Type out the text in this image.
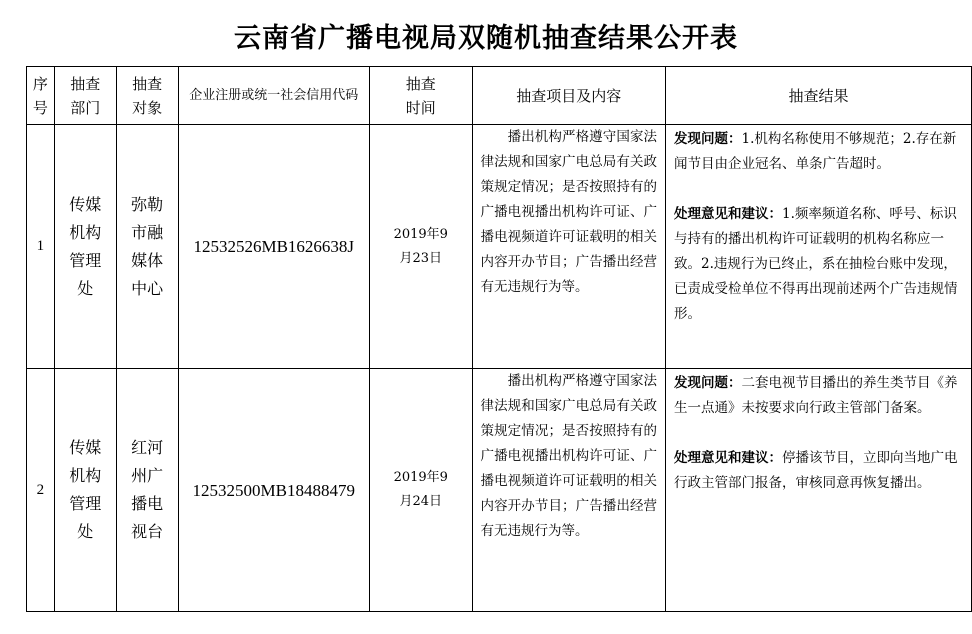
云南省广播电视局双随机抽查结果公开表
序号	抽查部门	抽查对象	企业注册或统一社会信用代码	抽查时间	抽查项目及内容	抽查结果
1	传媒机构管理处	弥勒市融媒体中心	12532526MB1626638J	2019年9月23日	播出机构严格遵守国家法律法规和国家广电总局有关政策规定情况；是否按照持有的广播电视播出机构许可证、广播电视频道许可证载明的相关内容开办节目；广告播出经营有无违规行为等。	发现问题：1.机构名称使用不够规范；2.存在新闻节目由企业冠名、单条广告超时。
处理意见和建议：1.频率频道名称、呼号、标识与持有的播出机构许可证载明的机构名称应一致。2.违规行为已终止，系在抽检台账中发现，已责成受检单位不得再出现前述两个广告违规情形。

2	传媒机构管理处	红河州广播电视台	12532500MB18488479	2019年9月24日	播出机构严格遵守国家法律法规和国家广电总局有关政策规定情况；是否按照持有的广播电视播出机构许可证、广播电视频道许可证载明的相关内容开办节目；广告播出经营有无违规行为等。	发现问题：二套电视节目播出的养生类节目《养生一点通》未按要求向行政主管部门备案。
处理意见和建议：停播该节目，立即向当地广电行政主管部门报备，审核同意再恢复播出。
